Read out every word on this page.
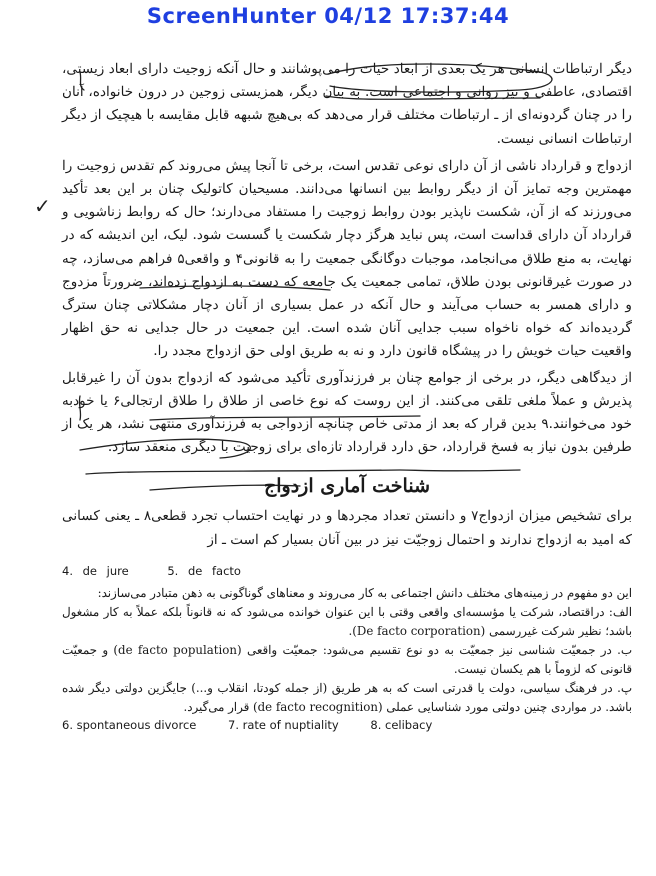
ScreenHunter 04/12 17:37:44
✓

دیگر ارتباطات انسانی هر یک بعدی از ابعاد حیات را می‌پوشانند و حال آنکه زوجیت دارای ابعاد زیستی، اقتصادی، عاطفی و نیز روانی و اجتماعی است. به بیان دیگر، همزیستی زوجین در درون خانواده، آنان را در چنان گردونه‌ای از ـ ارتباطات مختلف قرار می‌دهد که بی‌هیچ شبهه قابل مقایسه با هیچیک از دیگر ارتباطات انسانی نیست.

ازدواج و قرارداد ناشی از آن دارای نوعی تقدس است، برخی تا آنجا پیش می‌روند کم تقدس زوجیت را مهمترین وجه تمایز آن از دیگر روابط بین انسانها می‌دانند. مسیحیان کاتولیک چنان بر این بعد تأکید می‌ورزند که از آن، شکست ناپذیر بودن روابط زوجیت را مستفاد می‌دارند؛ حال که روابط زناشویی و قرارداد آن دارای قداست است، پس نباید هرگز دچار شکست یا گسست شود. لیک، این اندیشه که در نهایت، به منع طلاق می‌انجامد، موجبات دوگانگی جمعیت را به قانونی۴ و واقعی۵ فراهم می‌سازد، چه در صورت غیرقانونی بودن طلاق، تمامی جمعیت یک جامعه که دست به ازدواج زده‌اند، ضرورتاً مزدوج و دارای همسر به حساب می‌آیند و حال آنکه در عمل بسیاری از آنان دچار مشکلاتی چنان سترگ گردیده‌اند که خواه ناخواه سبب جدایی آنان شده است. این جمعیت در حال جدایی نه حق اظهار واقعیت حیات خویش را در پیشگاه قانون دارد و نه به طریق اولی حق ازدواج مجدد را.

از دیدگاهی دیگر، در برخی از جوامع چنان بر فرزندآوری تأکید می‌شود که ازدواج بدون آن را غیرقابل پذیرش و عملاً ملغی تلقی می‌کنند. از این روست که نوع خاصی از طلاق را طلاق ارتجالی۶ یا خودبه خود می‌خوانند.۹ بدین قرار که بعد از مدتی خاص چنانچه ازدواجی به فرزندآوری منتهی نشد، هر یک از طرفین بدون نیاز به فسخ قرارداد، حق دارد قرارداد تازه‌ای برای زوجیت با دیگری منعقد سازد.

شناخت آماری ازدواج

برای تشخیص میزان ازدواج۷ و دانستن تعداد مجردها و در نهایت احتساب تجرد قطعی۸ ـ یعنی کسانی که امید به ازدواج ندارند و احتمال زوجیّت نیز در بین آنان بسیار کم است ـ از

4. de jure	5. de facto

این دو مفهوم در زمینه‌های مختلف دانش اجتماعی به کار می‌روند و معناهای گوناگونی به ذهن متبادر می‌سازند:

الف: دراقتصاد، شرکت یا مؤسسه‌ای واقعی وقتی با این عنوان خوانده می‌شود که نه قانوناً بلکه عملاً به کار مشغول باشد؛ نظیر شرکت غیررسمی (De facto corporation).

ب. در جمعیّت شناسی نیز جمعیّت به دو نوع تقسیم می‌شود: جمعیّت واقعی (de facto population) و جمعیّت قانونی که لزوماً با هم یکسان نیست.

پ. در فرهنگ سیاسی، دولت یا قدرتی است که به هر طریق (از جمله کودتا، انقلاب و...) جایگزین دولتی دیگر شده باشد. در مواردی چنین دولتی مورد شناسایی عملی (de facto recognition) قرار می‌گیرد.

6. spontaneous divorce	7. rate of nuptiality	8. celibacy
